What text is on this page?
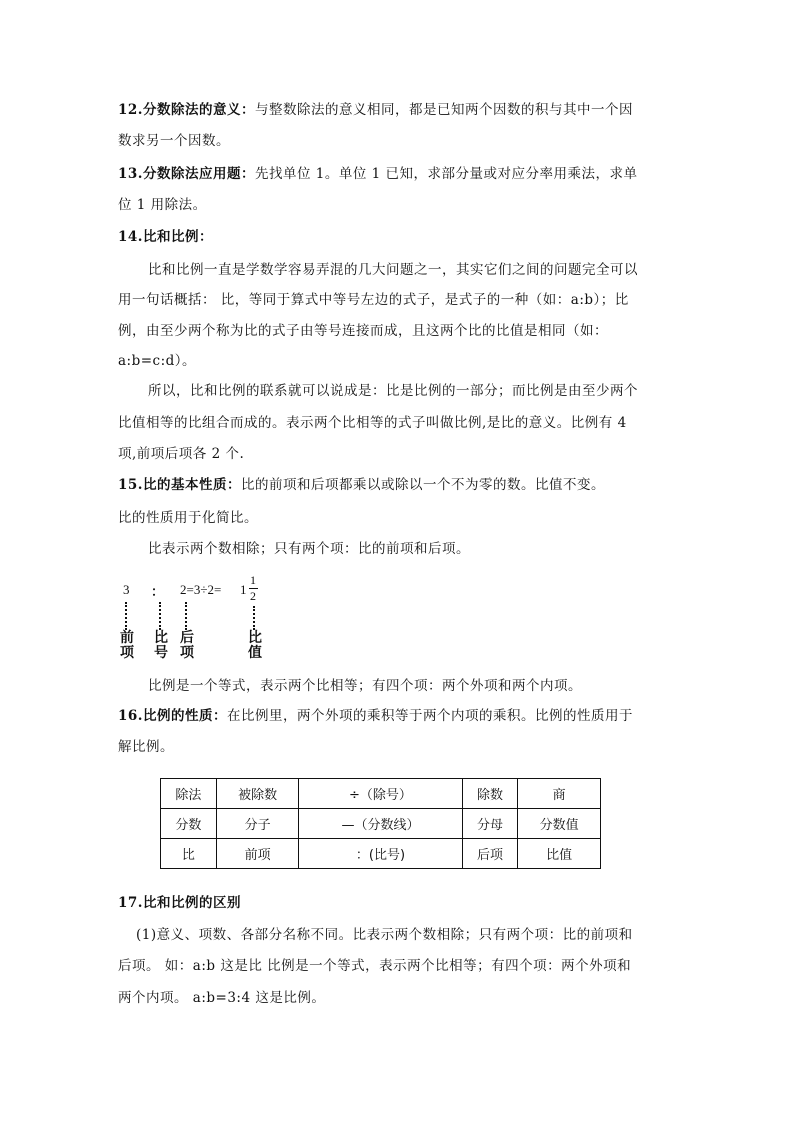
12.分数除法的意义：与整数除法的意义相同，都是已知两个因数的积与其中一个因
数求另一个因数。
13.分数除法应用题：先找单位 1。单位 1 已知，求部分量或对应分率用乘法，求单
位 1 用除法。
14.比和比例：
比和比例一直是学数学容易弄混的几大问题之一，其实它们之间的问题完全可以
用一句话概括： 比，等同于算式中等号左边的式子，是式子的一种（如：a:b）；比
例，由至少两个称为比的式子由等号连接而成，且这两个比的比值是相同（如：
a:b=c:d）。
所以，比和比例的联系就可以说成是：比是比例的一部分；而比例是由至少两个
比值相等的比组合而成的。表示两个比相等的式子叫做比例,是比的意义。比例有 4
项,前项后项各 2 个.
15.比的基本性质：比的前项和后项都乘以或除以一个不为零的数。比值不变。
比的性质用于化简比。
比表示两个数相除；只有两个项：比的前项和后项。
3 ： 2=3÷2= 1
1
2
前
项
比
号
后
项
比
值
比例是一个等式，表示两个比相等；有四个项：两个外项和两个内项。
16.比例的性质：在比例里，两个外项的乘积等于两个内项的乘积。比例的性质用于
解比例。
除法	被除数	÷（除号）	除数	商
分数	分子	—（分数线）	分母	分数值
比	前项	：(比号)	后项	比值
17.比和比例的区别
(1)意义、项数、各部分名称不同。比表示两个数相除；只有两个项：比的前项和
后项。 如：a:b 这是比 比例是一个等式，表示两个比相等；有四个项：两个外项和
两个内项。 a:b=3:4 这是比例。
